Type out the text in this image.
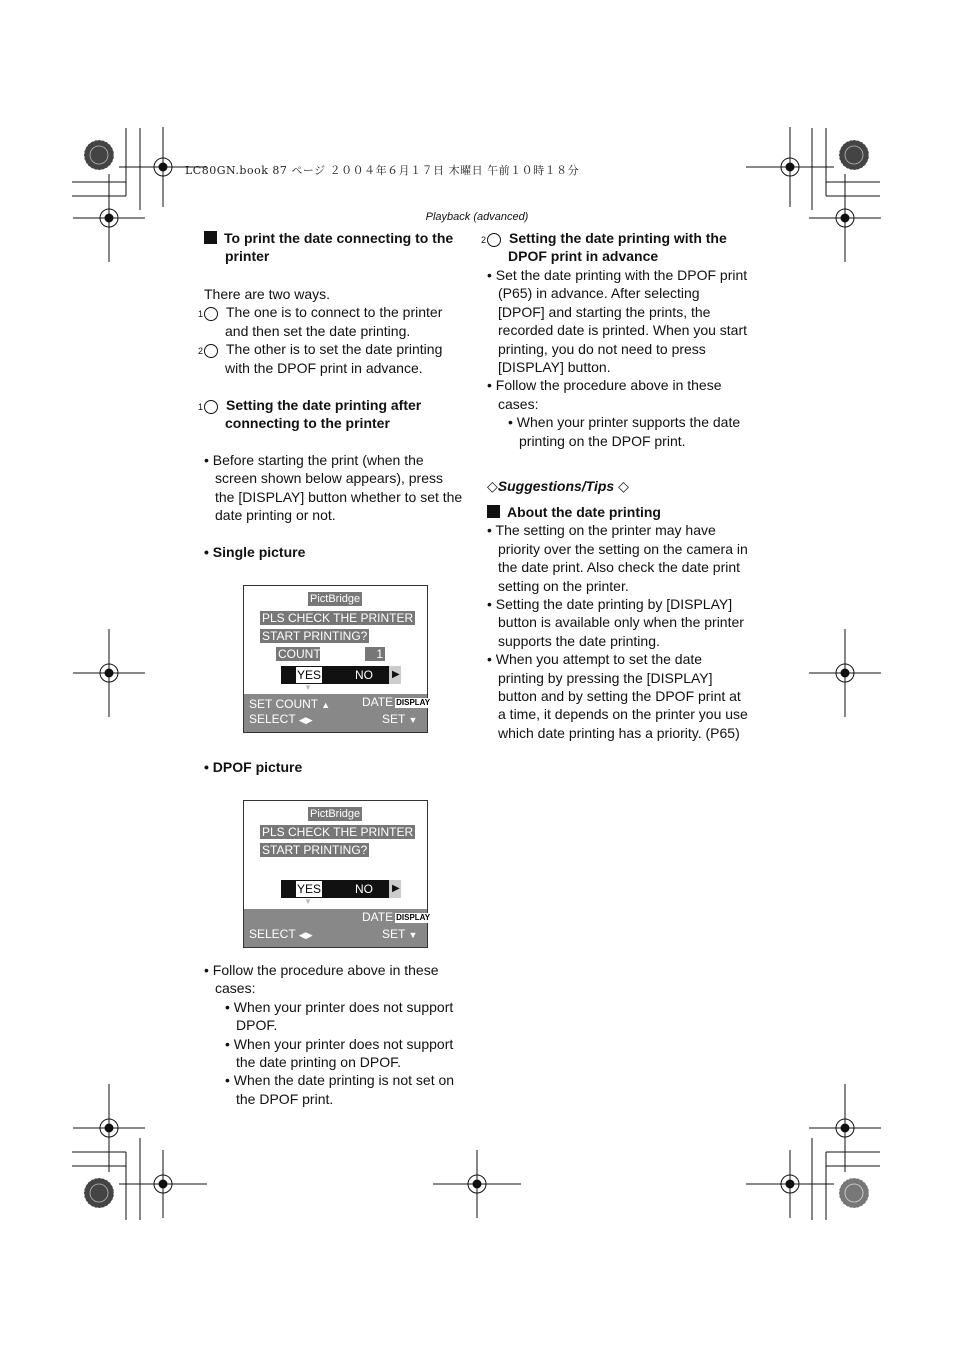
LC80GN.book 87 ページ ２００４年６月１７日 木曜日 午前１０時１８分
Playback (advanced)

To print the date connecting to the printer

There are two ways.

1 The one is to connect to the printer and then set the date printing.

2 The other is to set the date printing with the DPOF print in advance.

1 Setting the date printing after connecting to the printer

• Before starting the print (when the screen shown below appears), press the [DISPLAY] button whether to set the date printing or not.

• Single picture

PictBridge
PLS CHECK THE PRINTER
START PRINTING?
COUNT	1
YES	NO ▶
▼
SET COUNT ▲	DATE DISPLAY
SELECT ◀▶	SET ▼

• DPOF picture

PictBridge
PLS CHECK THE PRINTER
START PRINTING?
YES	NO ▶
▼
DATE DISPLAY
SELECT ◀▶	SET ▼

• Follow the procedure above in these cases:

• When your printer does not support DPOF.

• When your printer does not support the date printing on DPOF.

• When the date printing is not set on the DPOF print.

2 Setting the date printing with the DPOF print in advance

• Set the date printing with the DPOF print (P65) in advance. After selecting [DPOF] and starting the prints, the recorded date is printed. When you start printing, you do not need to press [DISPLAY] button.

• Follow the procedure above in these cases:

• When your printer supports the date printing on the DPOF print.

◇Suggestions/Tips ◇

About the date printing

• The setting on the printer may have priority over the setting on the camera in the date print. Also check the date print setting on the printer.

• Setting the date printing by [DISPLAY] button is available only when the printer supports the date printing.

• When you attempt to set the date printing by pressing the [DISPLAY] button and by setting the DPOF print at a time, it depends on the printer you use which date printing has a priority. (P65)
